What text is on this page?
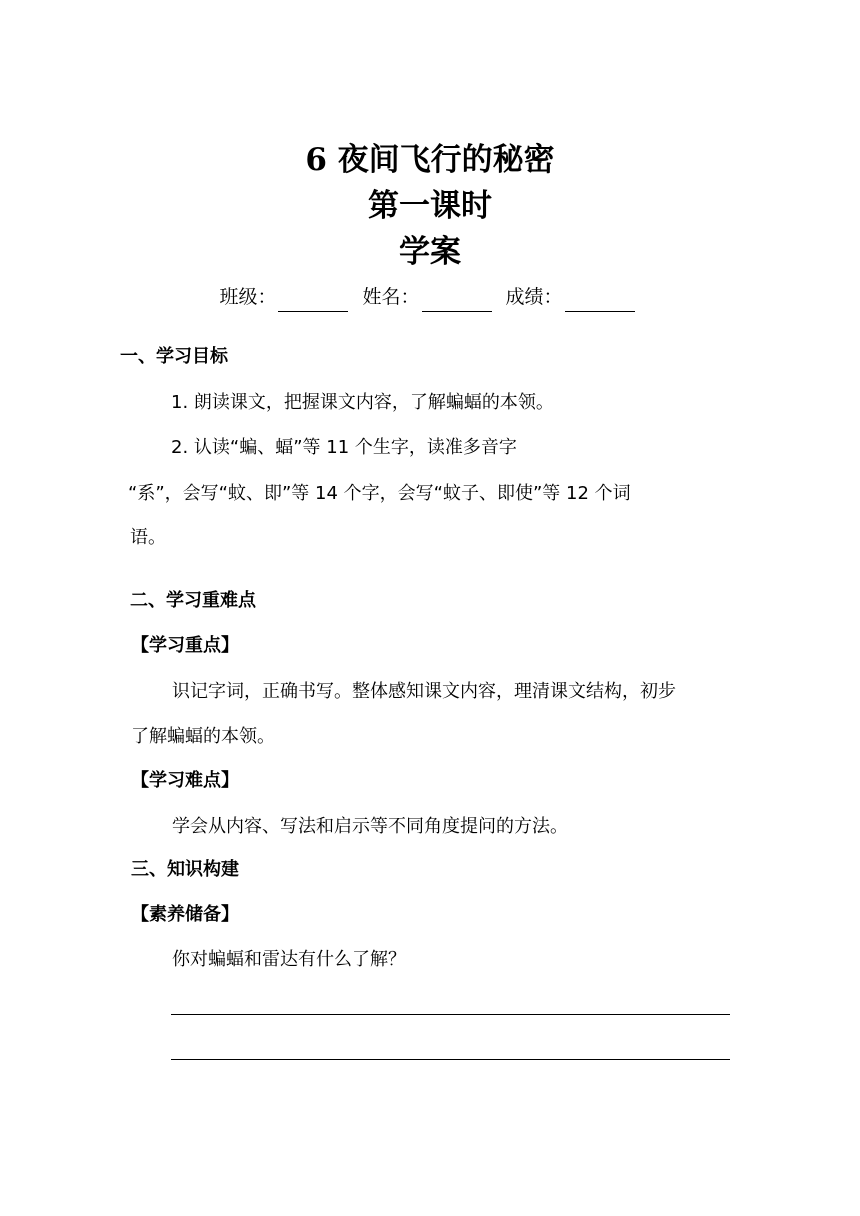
6 夜间飞行的秘密
第一课时
学案
班级：	姓名：	成绩：
一、学习目标
1. 朗读课文，把握课文内容，了解蝙蝠的本领。
2. 认读“蝙、蝠”等 11 个生字，读准多音字
“系”，会写“蚊、即”等 14 个字，会写“蚊子、即使”等 12 个词
语。
二、学习重难点
【学习重点】
识记字词，正确书写。整体感知课文内容，理清课文结构，初步
了解蝙蝠的本领。
【学习难点】
学会从内容、写法和启示等不同角度提问的方法。
三、知识构建
【素养储备】
你对蝙蝠和雷达有什么了解？
